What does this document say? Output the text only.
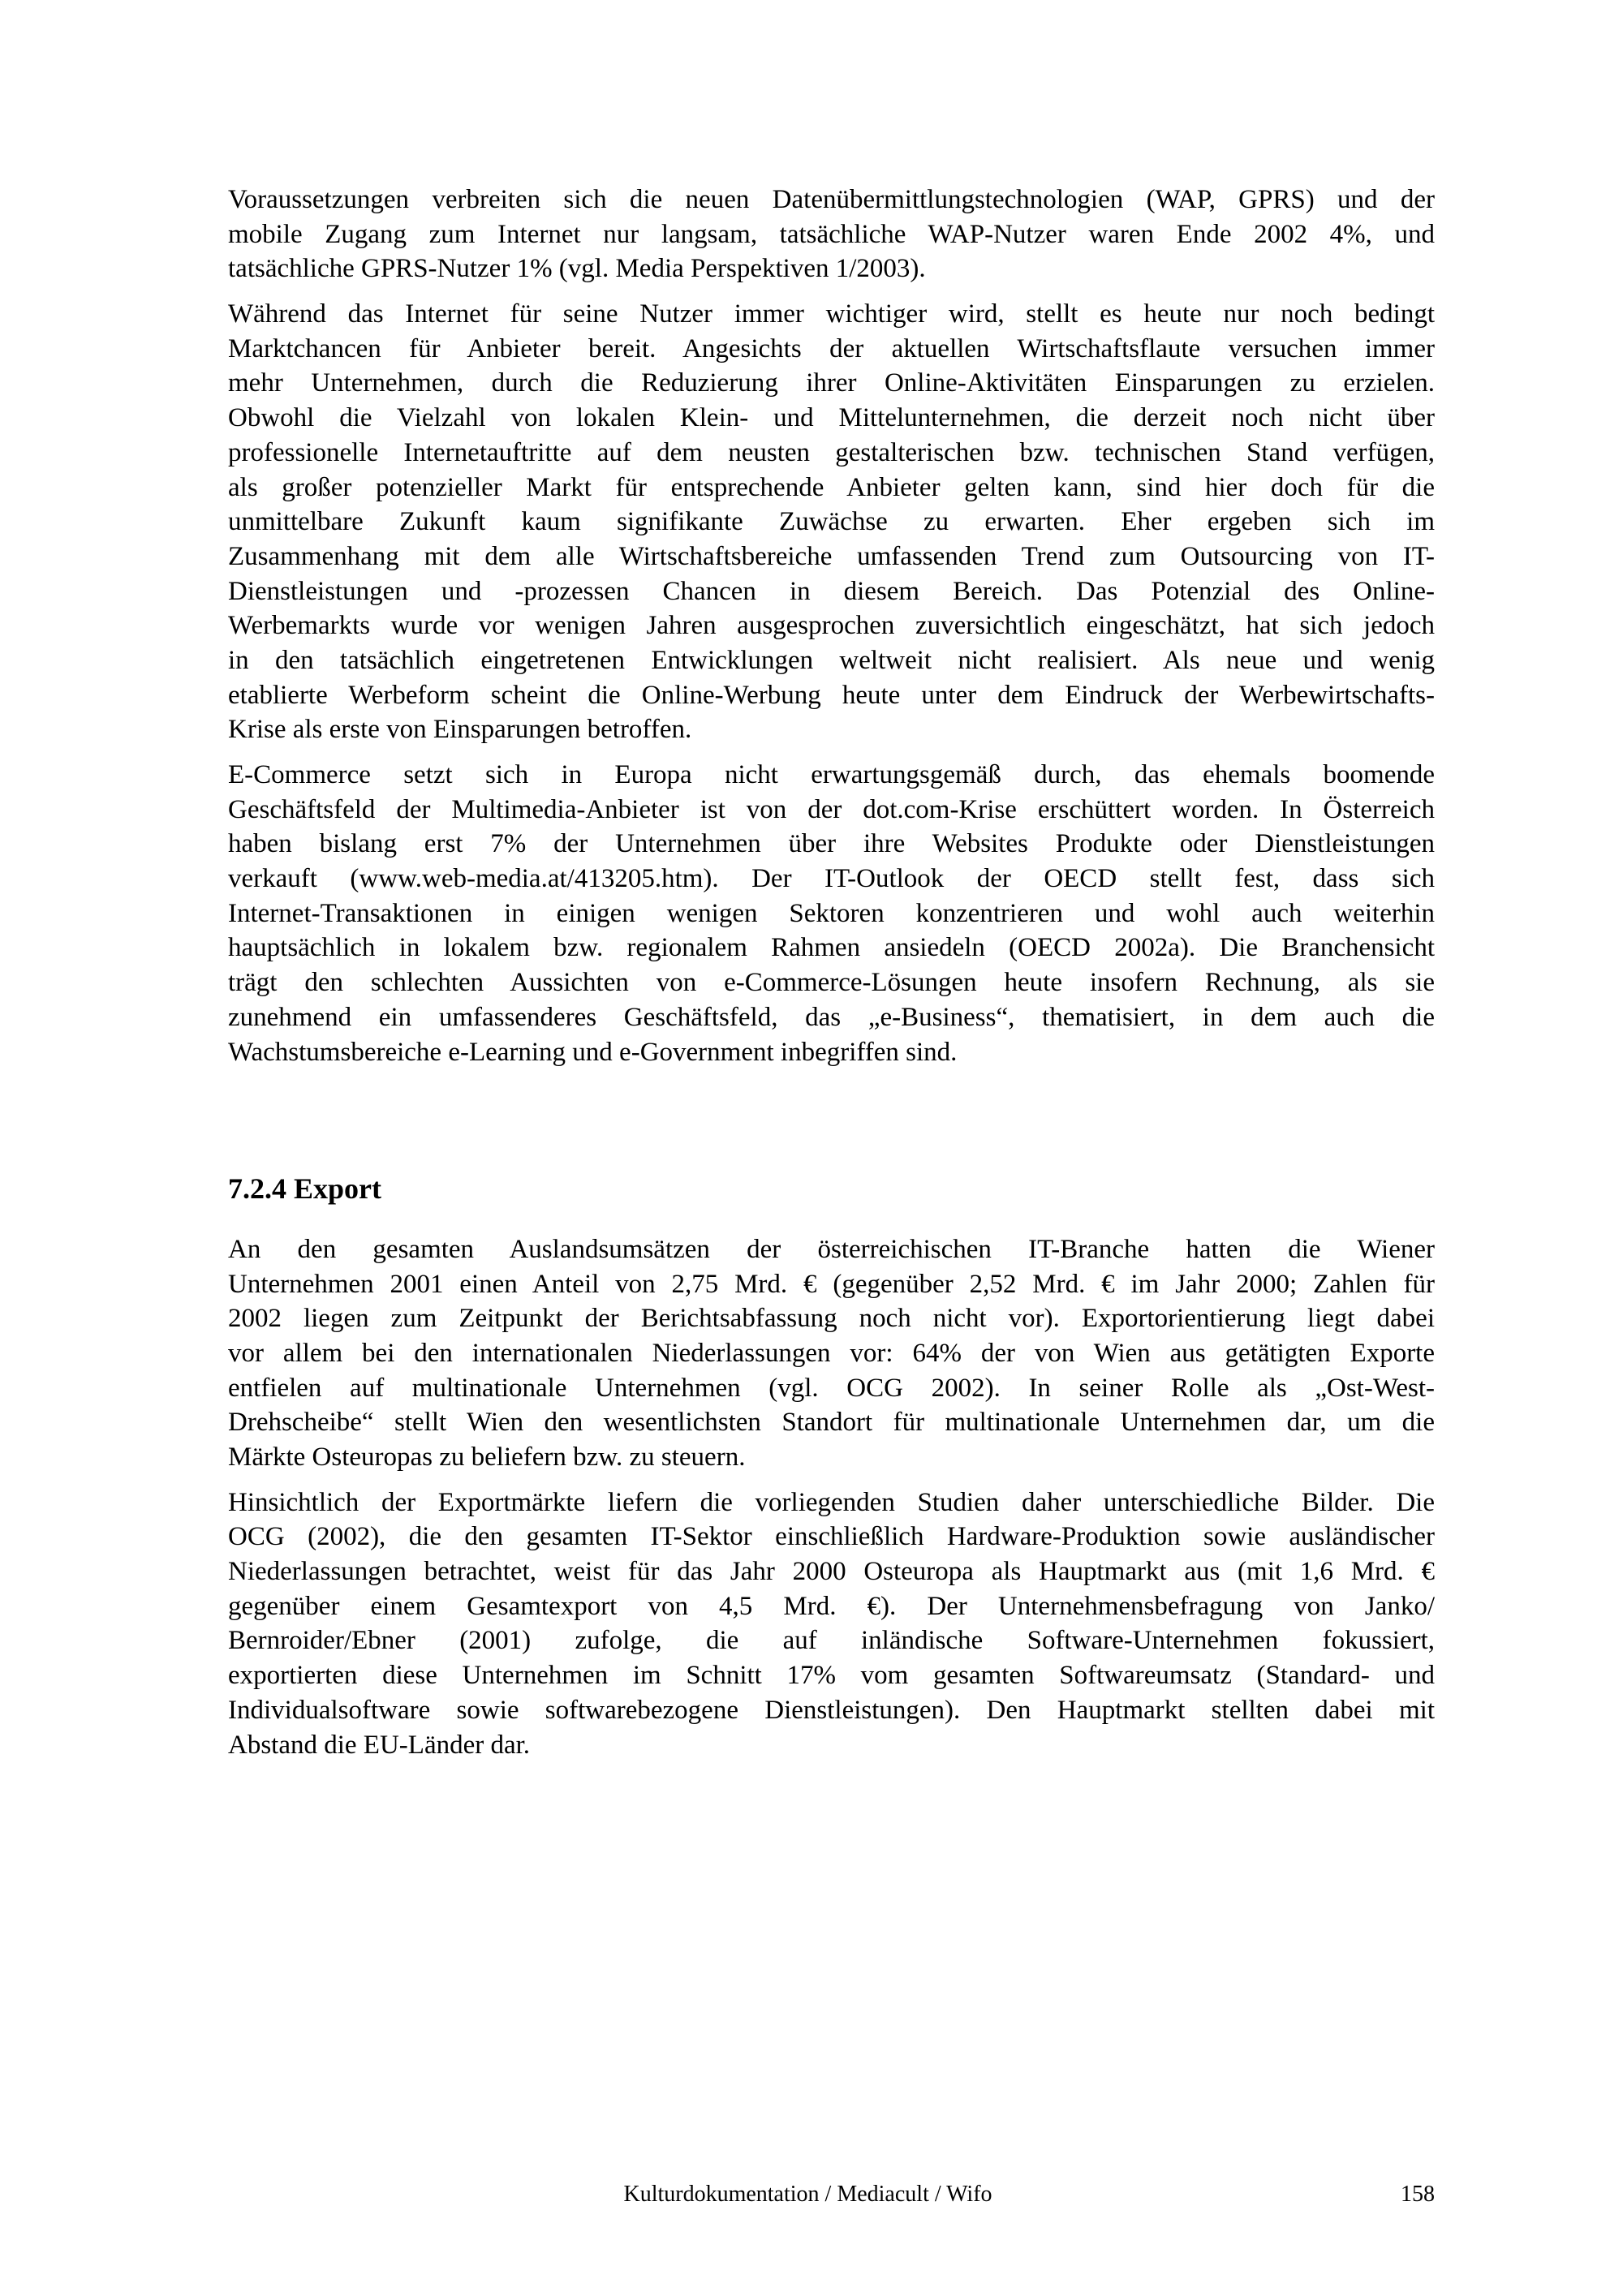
Voraussetzungen verbreiten sich die neuen Datenübermittlungstechnologien (WAP, GPRS) und der
mobile Zugang zum Internet nur langsam, tatsächliche WAP-Nutzer waren Ende 2002 4%, und
tatsächliche GPRS-Nutzer 1% (vgl. Media Perspektiven 1/2003).
Während das Internet für seine Nutzer immer wichtiger wird, stellt es heute nur noch bedingt
Marktchancen für Anbieter bereit. Angesichts der aktuellen Wirtschaftsflaute versuchen immer
mehr Unternehmen, durch die Reduzierung ihrer Online-Aktivitäten Einsparungen zu erzielen.
Obwohl die Vielzahl von lokalen Klein- und Mittelunternehmen, die derzeit noch nicht über
professionelle Internetauftritte auf dem neusten gestalterischen bzw. technischen Stand verfügen,
als großer potenzieller Markt für entsprechende Anbieter gelten kann, sind hier doch für die
unmittelbare Zukunft kaum signifikante Zuwächse zu erwarten. Eher ergeben sich im
Zusammenhang mit dem alle Wirtschaftsbereiche umfassenden Trend zum Outsourcing von IT-
Dienstleistungen und -prozessen Chancen in diesem Bereich. Das Potenzial des Online-
Werbemarkts wurde vor wenigen Jahren ausgesprochen zuversichtlich eingeschätzt, hat sich jedoch
in den tatsächlich eingetretenen Entwicklungen weltweit nicht realisiert. Als neue und wenig
etablierte Werbeform scheint die Online-Werbung heute unter dem Eindruck der Werbewirtschafts-
Krise als erste von Einsparungen betroffen.
E-Commerce setzt sich in Europa nicht erwartungsgemäß durch, das ehemals boomende
Geschäftsfeld der Multimedia-Anbieter ist von der dot.com-Krise erschüttert worden. In Österreich
haben bislang erst 7% der Unternehmen über ihre Websites Produkte oder Dienstleistungen
verkauft (www.web-media.at/413205.htm). Der IT-Outlook der OECD stellt fest, dass sich
Internet-Transaktionen in einigen wenigen Sektoren konzentrieren und wohl auch weiterhin
hauptsächlich in lokalem bzw. regionalem Rahmen ansiedeln (OECD 2002a). Die Branchensicht
trägt den schlechten Aussichten von e-Commerce-Lösungen heute insofern Rechnung, als sie
zunehmend ein umfassenderes Geschäftsfeld, das „e-Business“, thematisiert, in dem auch die
Wachstumsbereiche e-Learning und e-Government inbegriffen sind.
7.2.4 Export
An den gesamten Auslandsumsätzen der österreichischen IT-Branche hatten die Wiener
Unternehmen 2001 einen Anteil von 2,75 Mrd. € (gegenüber 2,52 Mrd. € im Jahr 2000; Zahlen für
2002 liegen zum Zeitpunkt der Berichtsabfassung noch nicht vor). Exportorientierung liegt dabei
vor allem bei den internationalen Niederlassungen vor: 64% der von Wien aus getätigten Exporte
entfielen auf multinationale Unternehmen (vgl. OCG 2002). In seiner Rolle als „Ost-West-
Drehscheibe“ stellt Wien den wesentlichsten Standort für multinationale Unternehmen dar, um die
Märkte Osteuropas zu beliefern bzw. zu steuern.
Hinsichtlich der Exportmärkte liefern die vorliegenden Studien daher unterschiedliche Bilder. Die
OCG (2002), die den gesamten IT-Sektor einschließlich Hardware-Produktion sowie ausländischer
Niederlassungen betrachtet, weist für das Jahr 2000 Osteuropa als Hauptmarkt aus (mit 1,6 Mrd. €
gegenüber einem Gesamtexport von 4,5 Mrd. €). Der Unternehmensbefragung von Janko/
Bernroider/Ebner (2001) zufolge, die auf inländische Software-Unternehmen fokussiert,
exportierten diese Unternehmen im Schnitt 17% vom gesamten Softwareumsatz (Standard- und
Individualsoftware sowie softwarebezogene Dienstleistungen). Den Hauptmarkt stellten dabei mit
Abstand die EU-Länder dar.
Kulturdokumentation / Mediacult / Wifo	158
